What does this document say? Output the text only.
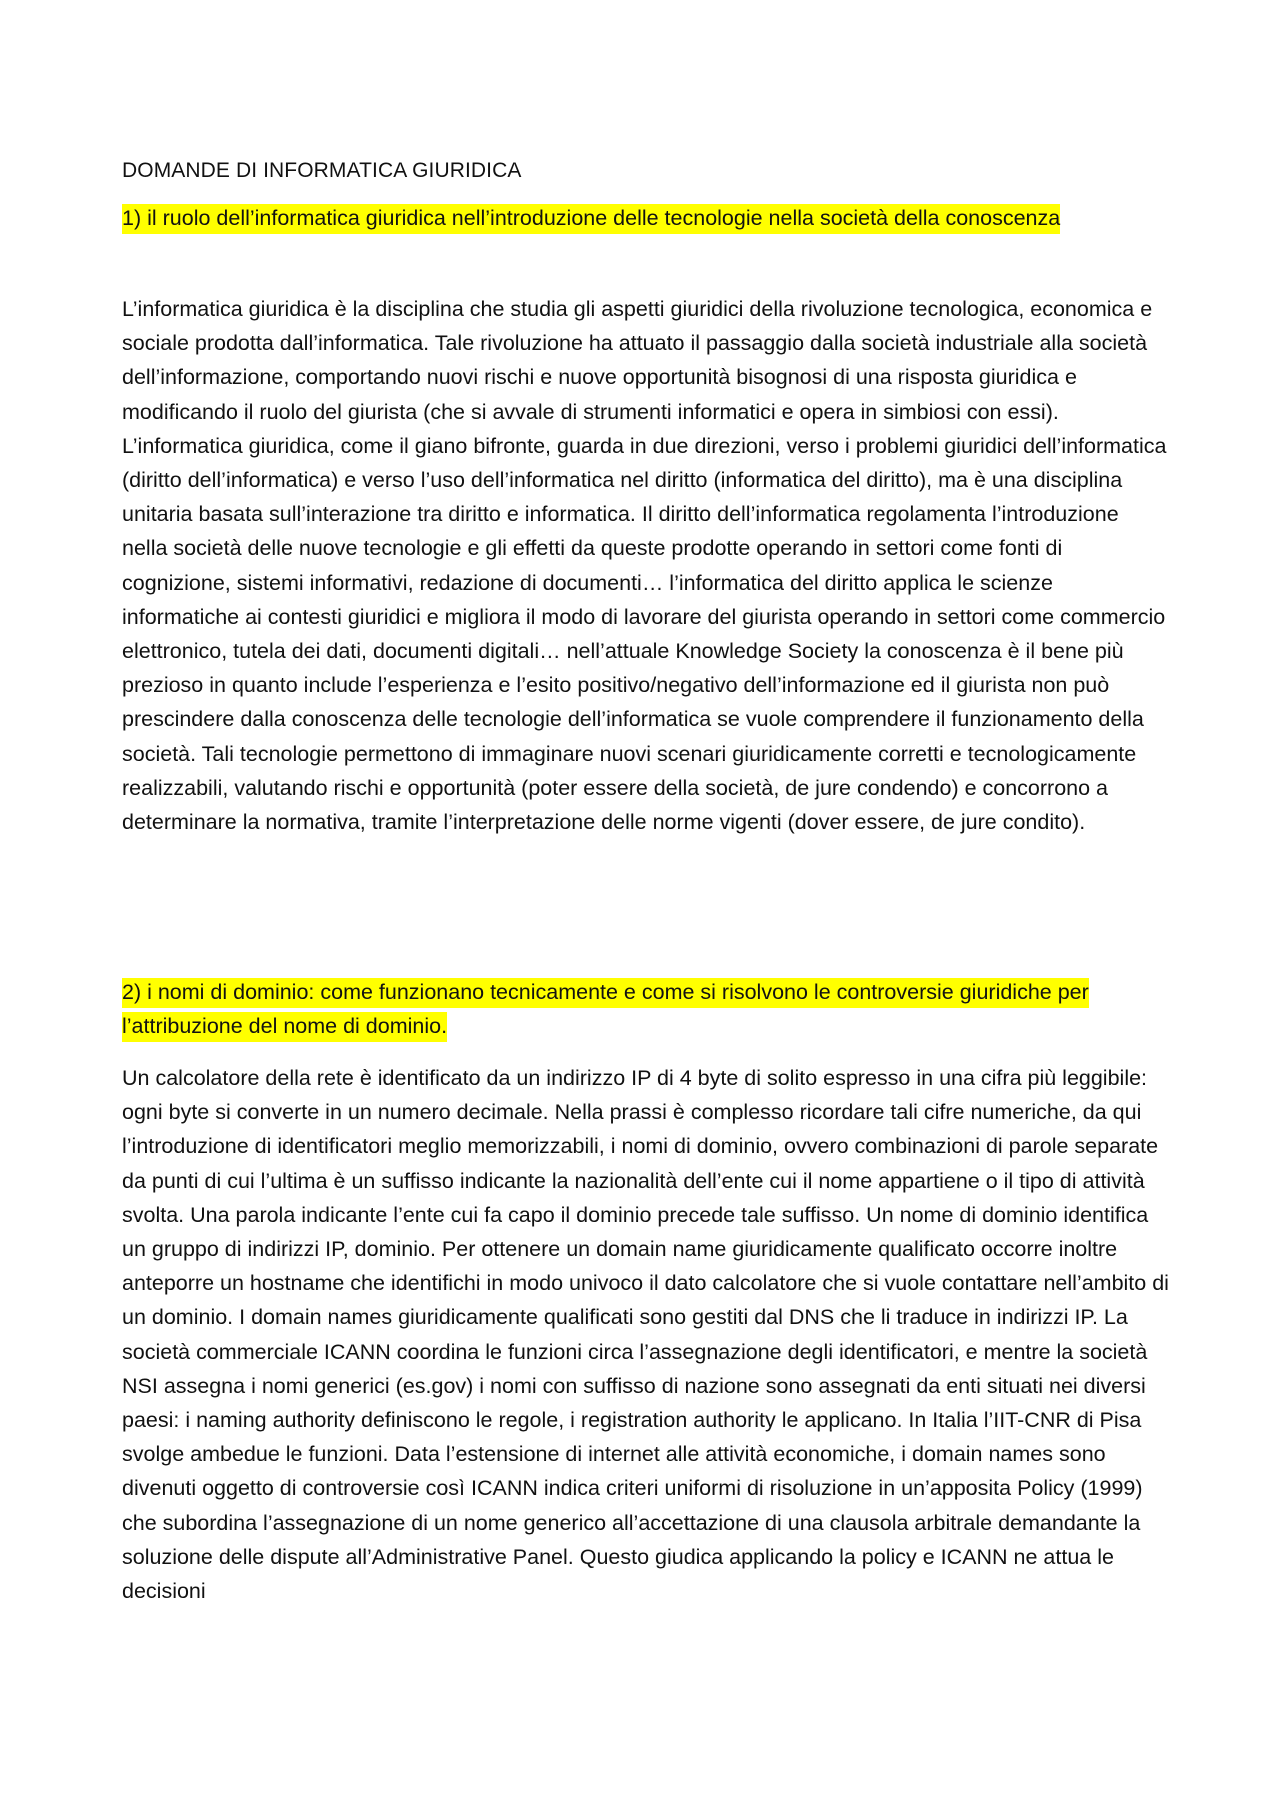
DOMANDE DI INFORMATICA GIURIDICA
1) il ruolo dell’informatica giuridica nell’introduzione delle tecnologie nella società della conoscenza

L’informatica giuridica è la disciplina che studia gli aspetti giuridici della rivoluzione tecnologica, economica e sociale prodotta dall’informatica. Tale rivoluzione ha attuato il passaggio dalla società industriale alla società dell’informazione, comportando nuovi rischi e nuove opportunità bisognosi di una risposta giuridica e modificando il ruolo del giurista (che si avvale di strumenti informatici e opera in simbiosi con essi). L’informatica giuridica, come il giano bifronte, guarda in due direzioni, verso i problemi giuridici dell’informatica (diritto dell’informatica) e verso l’uso dell’informatica nel diritto (informatica del diritto), ma è una disciplina unitaria basata sull’interazione tra diritto e informatica. Il diritto dell’informatica regolamenta l’introduzione nella società delle nuove tecnologie e gli effetti da queste prodotte operando in settori come fonti di cognizione, sistemi informativi, redazione di documenti… l’informatica del diritto applica le scienze informatiche ai contesti giuridici e migliora il modo di lavorare del giurista operando in settori come commercio elettronico, tutela dei dati, documenti digitali… nell’attuale Knowledge Society la conoscenza è il bene più prezioso in quanto include l’esperienza e l’esito positivo/negativo dell’informazione ed il giurista non può prescindere dalla conoscenza delle tecnologie dell’informatica se vuole comprendere il funzionamento della società. Tali tecnologie permettono di immaginare nuovi scenari giuridicamente corretti e tecnologicamente realizzabili, valutando rischi e opportunità (poter essere della società, de jure condendo) e concorrono a determinare la normativa, tramite l’interpretazione delle norme vigenti (dover essere, de jure condito).

2) i nomi di dominio: come funzionano tecnicamente e come si risolvono le controversie giuridiche per l’attribuzione del nome di dominio.

Un calcolatore della rete è identificato da un indirizzo IP di 4 byte di solito espresso in una cifra più leggibile: ogni byte si converte in un numero decimale. Nella prassi è complesso ricordare tali cifre numeriche, da qui l’introduzione di identificatori meglio memorizzabili, i nomi di dominio, ovvero combinazioni di parole separate da punti di cui l’ultima è un suffisso indicante la nazionalità dell’ente cui il nome appartiene o il tipo di attività svolta. Una parola indicante l’ente cui fa capo il dominio precede tale suffisso. Un nome di dominio identifica un gruppo di indirizzi IP, dominio. Per ottenere un domain name giuridicamente qualificato occorre inoltre anteporre un hostname che identifichi in modo univoco il dato calcolatore che si vuole contattare nell’ambito di un dominio. I domain names giuridicamente qualificati sono gestiti dal DNS che li traduce in indirizzi IP. La società commerciale ICANN coordina le funzioni circa l’assegnazione degli identificatori, e mentre la società NSI assegna i nomi generici (es.gov) i nomi con suffisso di nazione sono assegnati da enti situati nei diversi paesi: i naming authority definiscono le regole, i registration authority le applicano. In Italia l’IIT-CNR di Pisa svolge ambedue le funzioni. Data l’estensione di internet alle attività economiche, i domain names sono divenuti oggetto di controversie così ICANN indica criteri uniformi di risoluzione in un’apposita Policy (1999) che subordina l’assegnazione di un nome generico all’accettazione di una clausola arbitrale demandante la soluzione delle dispute all’Administrative Panel. Questo giudica applicando la policy e ICANN ne attua le decisioni
